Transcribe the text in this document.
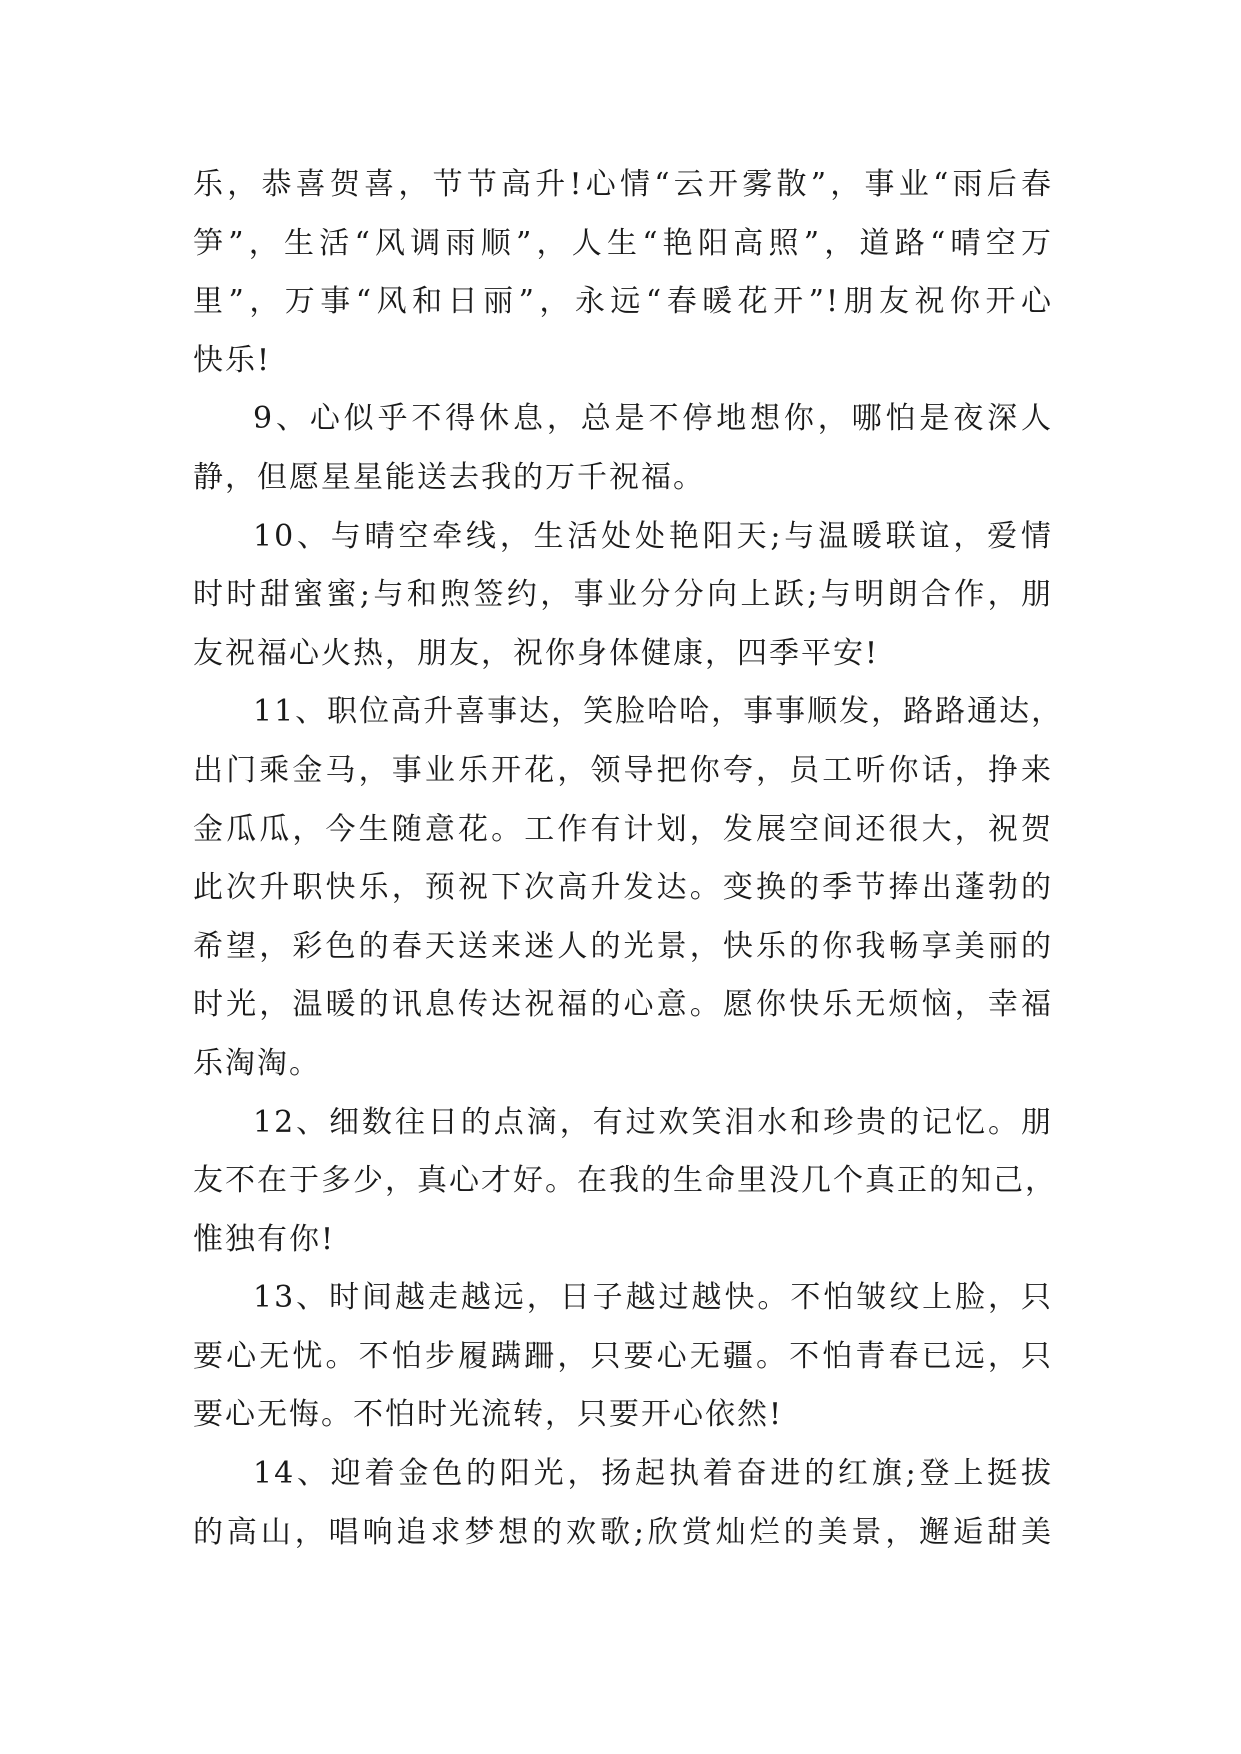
乐，恭喜贺喜，节节高升!心情“云开雾散”，事业“雨后春
笋”，生活“风调雨顺”，人生“艳阳高照”，道路“晴空万
里”，万事“风和日丽”，永远“春暖花开”!朋友祝你开心
快乐!

9、心似乎不得休息，总是不停地想你，哪怕是夜深人
静，但愿星星能送去我的万千祝福。

10、与晴空牵线，生活处处艳阳天;与温暖联谊，爱情
时时甜蜜蜜;与和煦签约，事业分分向上跃;与明朗合作，朋
友祝福心火热，朋友，祝你身体健康，四季平安!

11、职位高升喜事达，笑脸哈哈，事事顺发，路路通达，
出门乘金马，事业乐开花，领导把你夸，员工听你话，挣来
金瓜瓜，今生随意花。工作有计划，发展空间还很大，祝贺
此次升职快乐，预祝下次高升发达。变换的季节捧出蓬勃的
希望，彩色的春天送来迷人的光景，快乐的你我畅享美丽的
时光，温暖的讯息传达祝福的心意。愿你快乐无烦恼，幸福
乐淘淘。

12、细数往日的点滴，有过欢笑泪水和珍贵的记忆。朋
友不在于多少，真心才好。在我的生命里没几个真正的知己，
惟独有你!

13、时间越走越远，日子越过越快。不怕皱纹上脸，只
要心无忧。不怕步履蹒跚，只要心无疆。不怕青春已远，只
要心无悔。不怕时光流转，只要开心依然!

14、迎着金色的阳光，扬起执着奋进的红旗;登上挺拔
的高山，唱响追求梦想的欢歌;欣赏灿烂的美景，邂逅甜美
